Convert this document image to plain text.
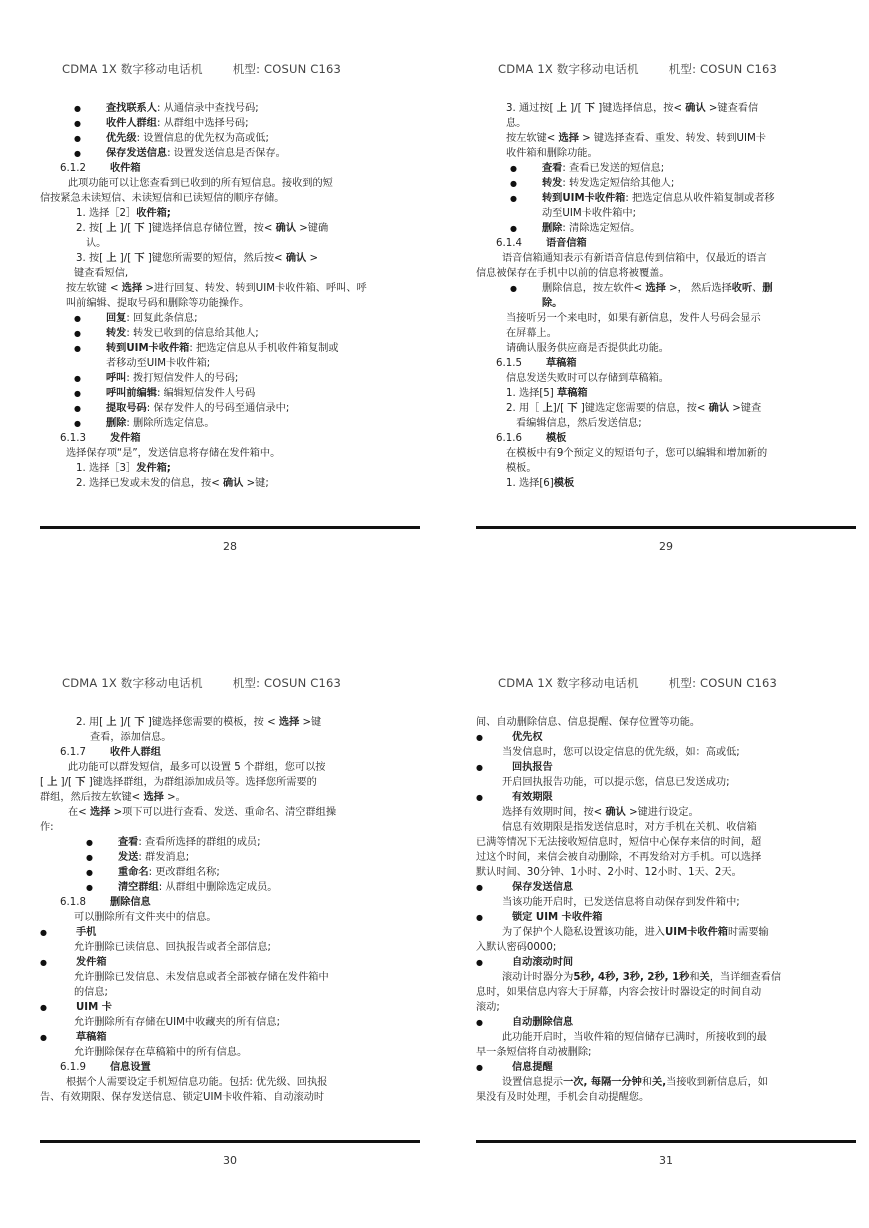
CDMA 1X 数字移动电话机	机型: COSUN C163
● 查找联系人: 从通信录中查找号码;
● 收件人群组: 从群组中选择号码;
● 优先级: 设置信息的优先权为高或低;
● 保存发送信息: 设置发送信息是否保存。
6.1.2 收件箱
此项功能可以让您查看到已收到的所有短信息。接收到的短
信按紧急未读短信、未读短信和已读短信的顺序存储。
1. 选择［2］收件箱;
2. 按[ 上 ]/[ 下 ]键选择信息存储位置，按< 确认 >键确
认。
3. 按[ 上 ]/[ 下 ]键您所需要的短信，然后按< 确认 >
键查看短信,
按左软键 < 选择 >进行回复、转发、转到UIM卡收件箱、呼叫、呼
叫前编辑、提取号码和删除等功能操作。
● 回复: 回复此条信息;
● 转发: 转发已收到的信息给其他人;
● 转到UIM卡收件箱: 把选定信息从手机收件箱复制或
者移动至UIM卡收件箱;
● 呼叫: 拨打短信发件人的号码;
● 呼叫前编辑: 编辑短信发件人号码
● 提取号码: 保存发件人的号码至通信录中;
● 删除: 删除所选定信息。
6.1.3 发件箱
选择保存项“是”，发送信息将存储在发件箱中。
1. 选择［3］发件箱;
2. 选择已发或未发的信息，按< 确认 >键;
28
CDMA 1X 数字移动电话机	机型: COSUN C163
3. 通过按[ 上 ]/[ 下 ]键选择信息，按< 确认 >键查看信
息。
按左软键< 选择 > 键选择查看、重发、转发、转到UIM卡
收件箱和删除功能。
● 查看: 查看已发送的短信息;
● 转发: 转发选定短信给其他人;
● 转到UIM卡收件箱: 把选定信息从收件箱复制或者移
动至UIM卡收件箱中;
● 删除: 清除选定短信。
6.1.4 语音信箱
语音信箱通知表示有新语音信息传到信箱中，仅最近的语言
信息被保存在手机中以前的信息将被覆盖。
● 删除信息，按左软件< 选择 >， 然后选择收听、删
除。
当接听另一个来电时，如果有新信息，发件人号码会显示
在屏幕上。
请确认服务供应商是否提供此功能。
6.1.5 草稿箱
信息发送失败时可以存储到草稿箱。
1. 选择[5] 草稿箱
2. 用［ 上]/[ 下 ]键选定您需要的信息，按< 确认 >键查
看编辑信息，然后发送信息;
6.1.6 模板
在模板中有9个预定义的短语句子，您可以编辑和增加新的
模板。
1. 选择[6]模板
29
CDMA 1X 数字移动电话机	机型: COSUN C163
2. 用[ 上 ]/[ 下 ]键选择您需要的模板，按 < 选择 >键
查看，添加信息。
6.1.7 收件人群组
此功能可以群发短信，最多可以设置 5 个群组，您可以按
[ 上 ]/[ 下 ]键选择群组，为群组添加成员等。选择您所需要的
群组，然后按左软键< 选择 >。
在< 选择 >项下可以进行查看、发送、重命名、清空群组操
作:
● 查看: 查看所选择的群组的成员;
● 发送: 群发消息;
● 重命名: 更改群组名称;
● 清空群组: 从群组中删除选定成员。
6.1.8 删除信息
可以删除所有文件夹中的信息。
● 手机
允许删除已读信息、回执报告或者全部信息;
● 发件箱
允许删除已发信息、未发信息或者全部被存储在发件箱中
的信息;
● UIM 卡
允许删除所有存储在UIM中收藏夹的所有信息;
● 草稿箱
允许删除保存在草稿箱中的所有信息。
6.1.9 信息设置
根据个人需要设定手机短信息功能。包括: 优先级、回执报
告、有效期限、保存发送信息、锁定UIM卡收件箱、自动滚动时
30
CDMA 1X 数字移动电话机	机型: COSUN C163
间、自动删除信息、信息提醒、保存位置等功能。
● 优先权
当发信息时，您可以设定信息的优先级，如：高或低;
● 回执报告
开启回执报告功能，可以提示您，信息已发送成功;
● 有效期限
选择有效期时间，按< 确认 >键进行设定。
信息有效期限是指发送信息时，对方手机在关机、收信箱
已满等情况下无法接收短信息时，短信中心保存来信的时间，超
过这个时间，来信会被自动删除，不再发给对方手机。可以选择
默认时间、30分钟、1小时、2小时、12小时、1天、2天。
● 保存发送信息
当该功能开启时，已发送信息将自动保存到发件箱中;
● 锁定 UIM 卡收件箱
为了保护个人隐私设置该功能，进入UIM卡收件箱时需要输
入默认密码0000;
● 自动滚动时间
滚动计时器分为5秒, 4秒, 3秒, 2秒, 1秒和关，当详细查看信
息时，如果信息内容大于屏幕，内容会按计时器设定的时间自动
滚动;
● 自动删除信息
此功能开启时，当收件箱的短信储存已满时，所接收到的最
早一条短信将自动被删除;
● 信息提醒
设置信息提示一次, 每隔一分钟和关,当接收到新信息后，如
果没有及时处理，手机会自动提醒您。
31
